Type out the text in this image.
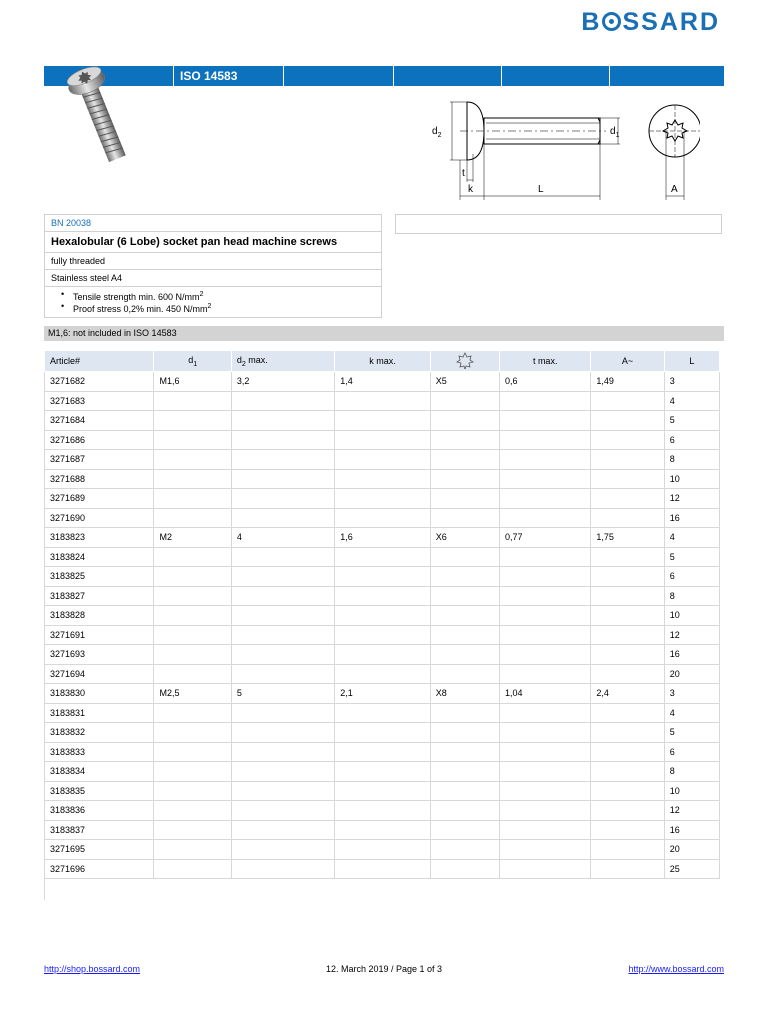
B SSARD
ISO 14583
$d_2$	$d_1$
t
k	L	A
BN 20038
Hexalobular (6 Lobe) socket pan head machine screws
fully threaded
Stainless steel A4
• Tensile strength min. 600 $N/mm^2$
• Proof stress 0,2% min. 450 $N/mm^2$
M1,6: not included in ISO 14583
Article#	$d_1$	$d_2$ max.	k max.		t max.	A~	L
3271682	M1,6	3,2	1,4	X5	0,6	1,49	3
3271683							4
3271684							5
3271686							6
3271687							8
3271688							10
3271689							12
3271690							16
3183823	M2	4	1,6	X6	0,77	1,75	4
3183824							5
3183825							6
3183827							8
3183828							10
3271691							12
3271693							16
3271694							20
3183830	M2,5	5	2,1	X8	1,04	2,4	3
3183831							4
3183832							5
3183833							6
3183834							8
3183835							10
3183836							12
3183837							16
3271695							20
3271696							25
http://shop.bossard.com	12. March 2019 / Page 1 of 3	http://www.bossard.com
